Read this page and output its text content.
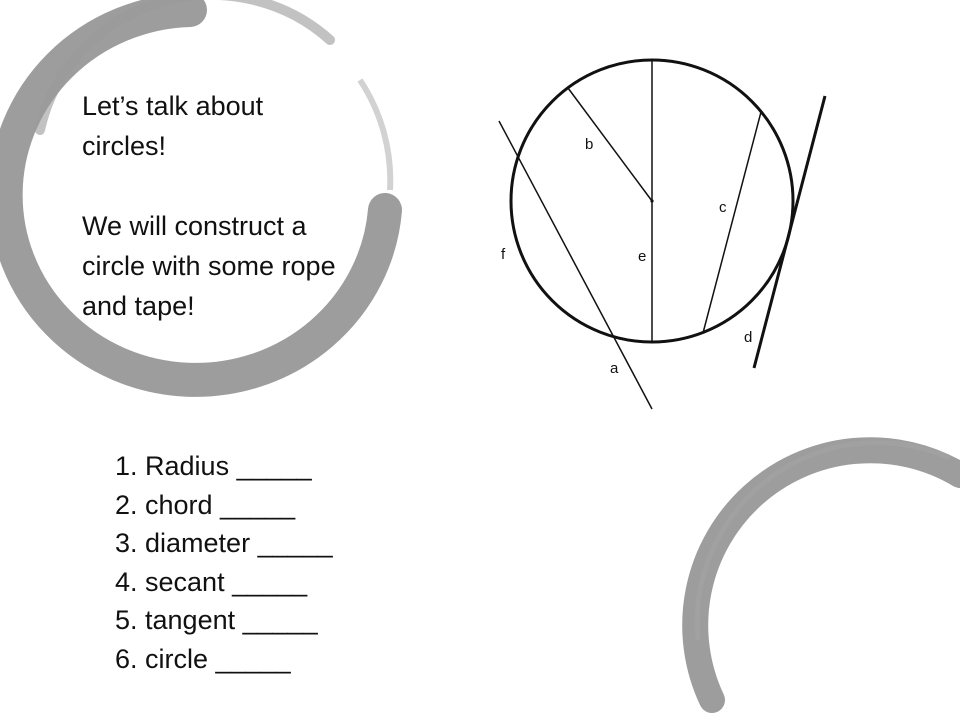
Let’s talk about circles!

We will construct a circle with some rope and tape!

b
c
e
f
d
a
1. Radius _____
2. chord _____
3. diameter _____
4. secant _____
5. tangent _____
6. circle _____
